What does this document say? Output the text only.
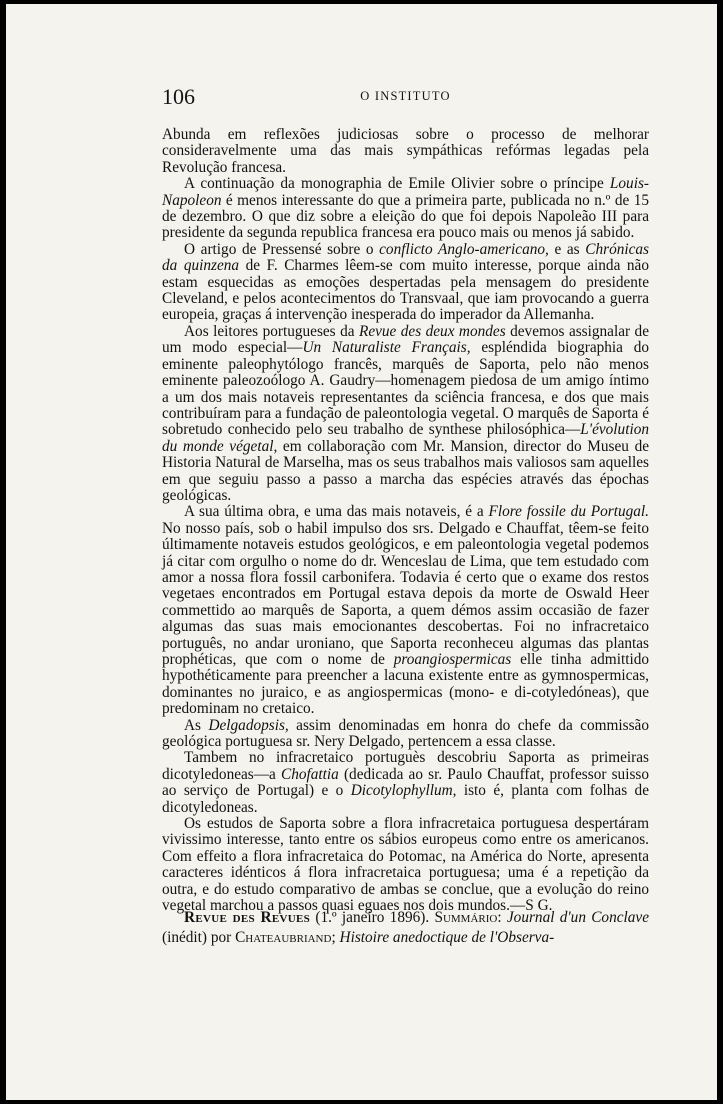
106	O INSTITUTO

Abunda em reflexões judiciosas sobre o processo de melhorar consideravelmente uma das mais sympáthicas refórmas legadas pela Revolução francesa.

A continuação da monographia de Emile Olivier sobre o príncipe Louis-Napoleon é menos interessante do que a primeira parte, publicada no n.º de 15 de dezembro. O que diz sobre a eleição do que foi depois Napoleão III para presidente da segunda republica francesa era pouco mais ou menos já sabido.

O artigo de Pressensé sobre o conflicto Anglo-americano, e as Chrónicas da quinzena de F. Charmes lêem-se com muito interesse, porque ainda não estam esquecidas as emoções despertadas pela mensagem do presidente Cleveland, e pelos acontecimentos do Transvaal, que iam provocando a guerra europeia, graças á intervenção inesperada do imperador da Allemanha.

Aos leitores portugueses da Revue des deux mondes devemos assignalar de um modo especial—Un Naturaliste Français, espléndida biographia do eminente paleophytólogo francês, marquês de Saporta, pelo não menos eminente paleozoólogo A. Gaudry—homenagem piedosa de um amigo íntimo a um dos mais notaveis representantes da sciência francesa, e dos que mais contribuíram para a fundação de paleontologia vegetal. O marquês de Saporta é sobretudo conhecido pelo seu trabalho de synthese philosóphica—L'évolution du monde végetal, em collaboração com Mr. Mansion, director do Museu de Historia Natural de Marselha, mas os seus trabalhos mais valiosos sam aquelles em que seguiu passo a passo a marcha das espécies através das épochas geológicas.

A sua última obra, e uma das mais notaveis, é a Flore fossile du Portugal. No nosso país, sob o habil impulso dos srs. Delgado e Chauffat, têem-se feito últimamente notaveis estudos geológicos, e em paleontologia vegetal podemos já citar com orgulho o nome do dr. Wenceslau de Lima, que tem estudado com amor a nossa flora fossil carbonifera. Todavia é certo que o exame dos restos vegetaes encontrados em Portugal estava depois da morte de Oswald Heer commettido ao marquês de Saporta, a quem démos assim occasião de fazer algumas das suas mais emocionantes descobertas. Foi no infracretaico português, no andar uroniano, que Saporta reconheceu algumas das plantas prophéticas, que com o nome de proangiospermicas elle tinha admittido hypothéticamente para preencher a lacuna existente entre as gymnospermicas, dominantes no juraico, e as angiospermicas (mono- e di-cotyledóneas), que predominam no cretaico.

As Delgadopsis, assim denominadas em honra do chefe da commissão geológica portuguesa sr. Nery Delgado, pertencem a essa classe.

Tambem no infracretaico portuguès descobriu Saporta as primeiras dicotyledoneas—a Chofattia (dedicada ao sr. Paulo Chauffat, professor suisso ao serviço de Portugal) e o Dicotylophyllum, isto é, planta com folhas de dicotyledoneas.

Os estudos de Saporta sobre a flora infracretaica portuguesa despertáram vivissimo interesse, tanto entre os sábios europeus como entre os americanos. Com effeito a flora infracretaica do Potomac, na América do Norte, apresenta caracteres idénticos á flora infracretaica portuguesa; uma é a repetição da outra, e do estudo comparativo de ambas se conclue, que a evolução do reino vegetal marchou a passos quasi eguaes nos dois mundos.—S G.

Revue des Revues (1.º janeiro 1896). Summário: Journal d'un Conclave (inédit) por Chateaubriand; Histoire anedoctique de l'Observa-
